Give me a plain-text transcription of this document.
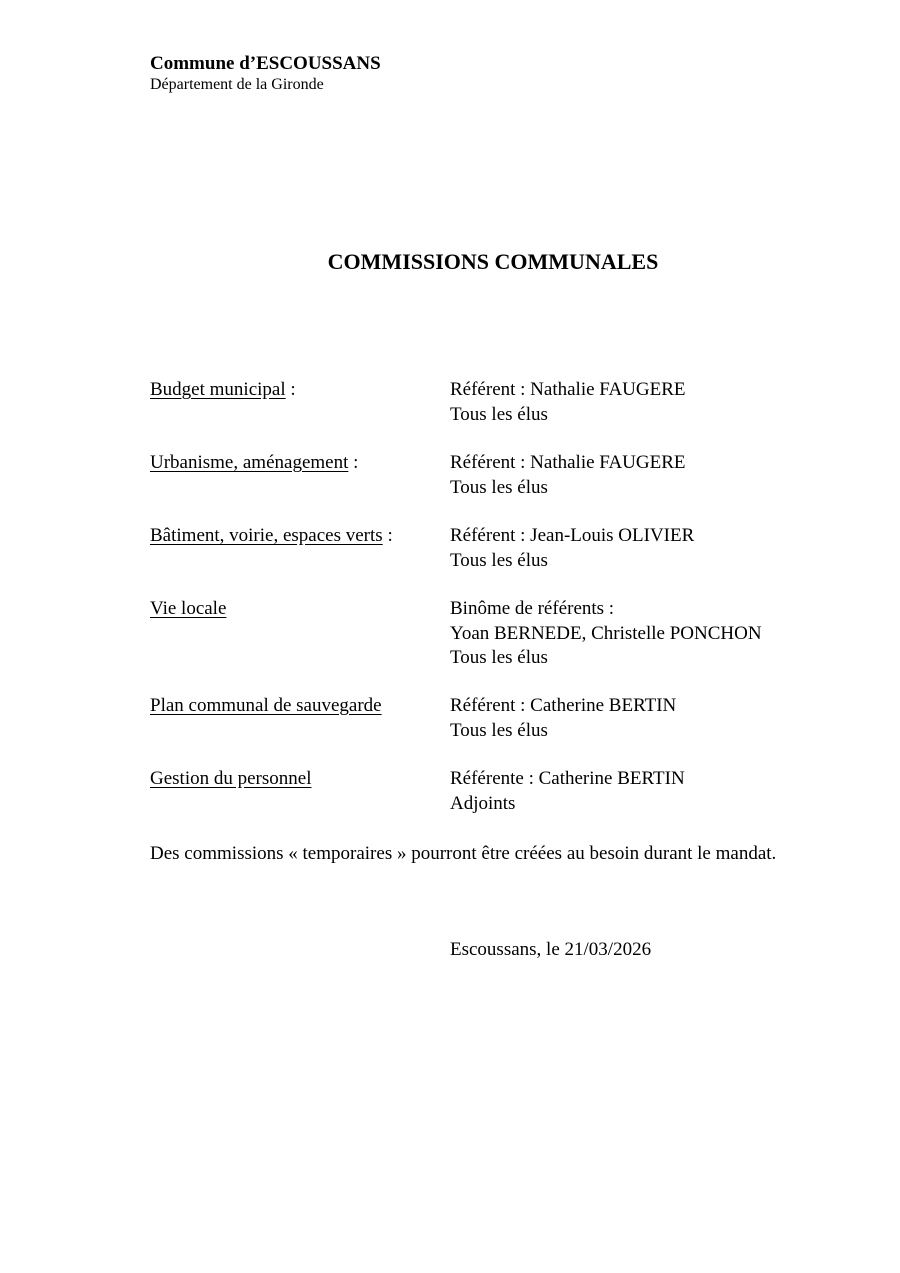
Commune d’ESCOUSSANS
Département de la Gironde
COMMISSIONS COMMUNALES
Budget municipal :	Référent : Nathalie FAUGERE
Tous les élus
Urbanisme, aménagement :	Référent : Nathalie FAUGERE
Tous les élus
Bâtiment, voirie, espaces verts :	Référent : Jean-Louis OLIVIER
Tous les élus
Vie locale	Binôme de référents :
Yoan BERNEDE, Christelle PONCHON
Tous les élus
Plan communal de sauvegarde	Référent : Catherine BERTIN
Tous les élus
Gestion du personnel	Référente : Catherine BERTIN
Adjoints
Des commissions « temporaires » pourront être créées au besoin durant le mandat.
Escoussans, le 21/03/2026
